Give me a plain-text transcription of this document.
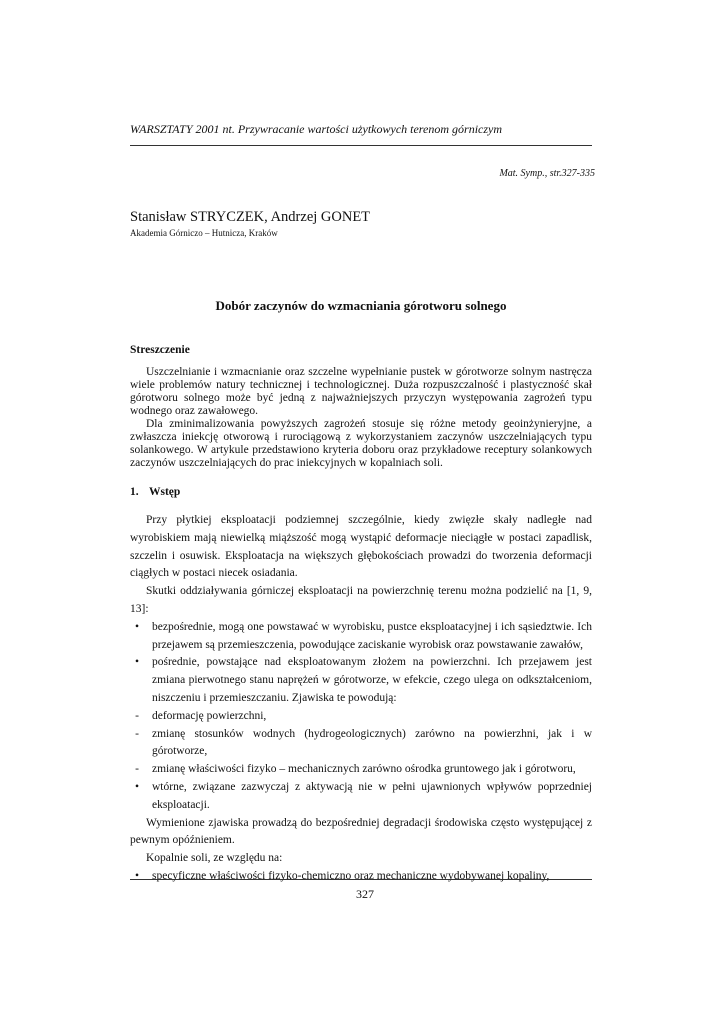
WARSZTATY 2001 nt. Przywracanie wartości użytkowych terenom górniczym
Mat. Symp., str.327-335
Stanisław STRYCZEK, Andrzej GONET
Akademia Górniczo – Hutnicza, Kraków
Dobór zaczynów do wzmacniania górotworu solnego
Streszczenie

Uszczelnianie i wzmacnianie oraz szczelne wypełnianie pustek w górotworze solnym nastręcza wiele problemów natury technicznej i technologicznej. Duża rozpuszczalność i plastyczność skał górotworu solnego może być jedną z najważniejszych przyczyn występowania zagrożeń typu wodnego oraz zawałowego.

Dla zminimalizowania powyższych zagrożeń stosuje się różne metody geoinżynieryjne, a zwłaszcza iniekcję otworową i rurociągową z wykorzystaniem zaczynów uszczelniających typu solankowego. W artykule przedstawiono kryteria doboru oraz przykładowe receptury solankowych zaczynów uszczelniających do prac iniekcyjnych w kopalniach soli.

1. Wstęp

Przy płytkiej eksploatacji podziemnej szczególnie, kiedy zwięzłe skały nadległe nad wyrobiskiem mają niewielką miąższość mogą wystąpić deformacje nieciągłe w postaci zapadlisk, szczelin i osuwisk. Eksploatacja na większych głębokościach prowadzi do tworzenia deformacji ciągłych w postaci niecek osiadania.

Skutki oddziaływania górniczej eksploatacji na powierzchnię terenu można podzielić na [1, 9, 13]:

•	bezpośrednie, mogą one powstawać w wyrobisku, pustce eksploatacyjnej i ich sąsiedztwie. Ich przejawem są przemieszczenia, powodujące zaciskanie wyrobisk oraz powstawanie zawałów,
•	pośrednie, powstające nad eksploatowanym złożem na powierzchni. Ich przejawem jest zmiana pierwotnego stanu naprężeń w górotworze, w efekcie, czego ulega on odkształceniom, niszczeniu i przemieszczaniu. Zjawiska te powodują:
-	deformację powierzchni,
-	zmianę stosunków wodnych (hydrogeologicznych) zarówno na powierzhni, jak i w górotworze,
-	zmianę właściwości fizyko – mechanicznych zarówno ośrodka gruntowego jak i górotworu,
•	wtórne, związane zazwyczaj z aktywacją nie w pełni ujawnionych wpływów poprzedniej eksploatacji.

Wymienione zjawiska prowadzą do bezpośredniej degradacji środowiska często występującej z pewnym opóźnieniem.

Kopalnie soli, ze względu na:

•	specyficzne właściwości fizyko-chemiczno oraz mechaniczne wydobywanej kopaliny,
327
